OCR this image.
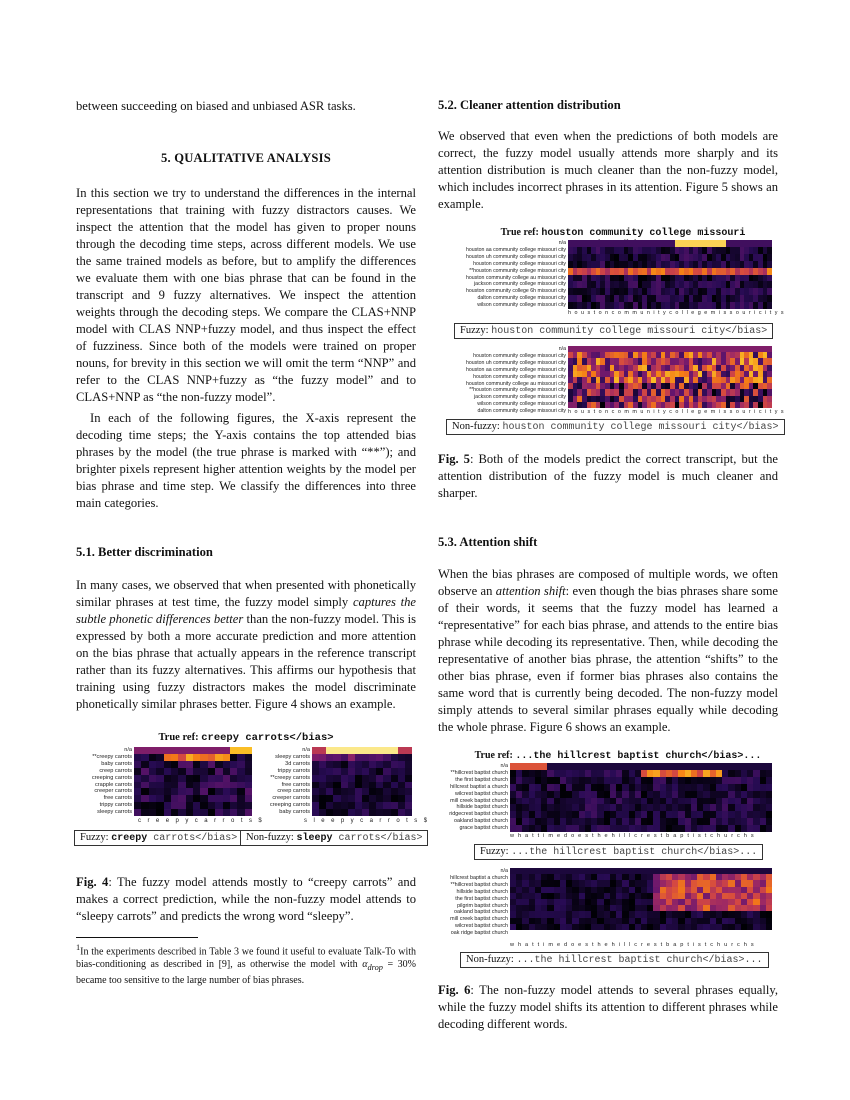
between succeeding on biased and unbiased ASR tasks.

5. QUALITATIVE ANALYSIS

In this section we try to understand the differences in the internal representations that training with fuzzy distractors causes. We inspect the attention that the model has given to proper nouns through the decoding time steps, across different models. We use the same trained models as before, but to amplify the differences we evaluate them with one bias phrase that can be found in the transcript and 9 fuzzy alternatives. We inspect the attention weights through the decoding steps. We compare the CLAS+NNP model with CLAS NNP+fuzzy model, and thus inspect the effect of fuzziness. Since both of the models were trained on proper nouns, for brevity in this section we will omit the term “NNP” and refer to the CLAS NNP+fuzzy as “the fuzzy model” and to CLAS+NNP as “the non-fuzzy model”.

In each of the following figures, the X-axis represent the decoding time steps; the Y-axis contains the top attended bias phrases by the model (the true phrase is marked with “**”); and brighter pixels represent higher attention weights by the model per bias phrase and time step. We classify the differences into three main categories.

5.1. Better discrimination

In many cases, we observed that when presented with phonetically similar phrases at test time, the fuzzy model simply captures the subtle phonetic differences better than the non-fuzzy model. This is expressed by both a more accurate prediction and more attention on the bias phrase that actually appears in the reference transcript rather than its fuzzy alternatives. This affirms our hypothesis that training using fuzzy distractors makes the model discriminate phonetically similar phrases better. Figure 4 shows an example.

True ref: creepy carrots</bias>
n/a
**creepy carrots
baby carrots
creep carrots
creeping carrots
crapple carrots
creeper carrots
free carrots
trippy carrots
sleepy carrots
n/a
sleepy carrots
3d carrots
trippy carrots
**creepy carrots
free carrots
creep carrots
creeper carrots
creeping carrots
baby carrots
c r e e p y c a r r o t s $	s l e e p y c a r r o t s $
Fuzzy: creepy carrots</bias> Non-fuzzy: sleepy carrots</bias>

Fig. 4: The fuzzy model attends mostly to “creepy carrots” and makes a correct prediction, while the non-fuzzy model attends to “sleepy carrots” and predicts the wrong word “sleepy”.

$^1$In the experiments described in Table 3 we found it useful to evaluate Talk-To with bias-conditioning as described in [9], as otherwise the model with $\alpha_{drop} = 30\%$ became too sensitive to the large number of bias phrases.
5.2. Cleaner attention distribution

We observed that even when the predictions of both models are correct, the fuzzy model usually attends more sharply and its attention distribution is much cleaner than the non-fuzzy model, which includes incorrect phrases in its attention. Figure 5 shows an example.

True ref: houston community college missouri
n/a
houston aa community college missouri city
houston uh community college missouri city
houston community college missouri city
**houston community college missouri city
houston community college au missouri city
jackson community college missouri city
houston community college 6h missouri city
dalton community college missouri city
wilson community college missouri city
h o u s t o n c o m m u n i t y c o l l e g e m i s s o u r i c i t y s
Fuzzy: houston community college missouri city</bias>
n/a
houston community college missouri city
houston uh community college missouri city
houston aa community college missouri city
houston community college missouri city
houston community college au missouri city
**houston community college missouri city
jackson community college missouri city
wilson community college missouri city
dalton community college missouri city h o u s t o n c o m m u n i t y c o l l e g e m i s s o u r i c i t y s
Non-fuzzy: houston community college missouri city</bias>

Fig. 5: Both of the models predict the correct transcript, but the attention distribution of the fuzzy model is much cleaner and sharper.

5.3. Attention shift

When the bias phrases are composed of multiple words, we often observe an attention shift: even though the bias phrases share some of their words, it seems that the fuzzy model has learned a “representative” for each bias phrase, and attends to the entire bias phrase while decoding its representative. Then, while decoding the representative of another bias phrase, the attention “shifts” to the other bias phrase, even if former bias phrases also contains the same word that is currently being decoded. The non-fuzzy model simply attends to several similar phrases equally while decoding the whole phrase. Figure 6 shows an example.

True ref: ...the hillcrest baptist church</bias>...
n/a
**hillcrest baptist church
the first baptist church
hillcrest baptist a church
wilcrest baptist church
mill creek baptist church
hillside baptist church
ridgecrest baptist church
oakland baptist church
grace baptist church
w h a t t i m e d o e s t h e h i l l c r e s t b a p t i s t c h u r c h s
Fuzzy: ...the hillcrest baptist church</bias>...
n/a
hillcrest baptist a church
**hillcrest baptist church
hillside baptist church
the first baptist church
pilgrim baptist church
oakland baptist church
mill creek baptist church
wilcrest baptist church
oak ridge baptist church
w h a t t i m e d o e s t h e h i l l c r e s t b a p t i s t c h u r c h s
Non-fuzzy: ...the hillcrest baptist church</bias>...

Fig. 6: The non-fuzzy model attends to several phrases equally, while the fuzzy model shifts its attention to different phrases while decoding different words.
